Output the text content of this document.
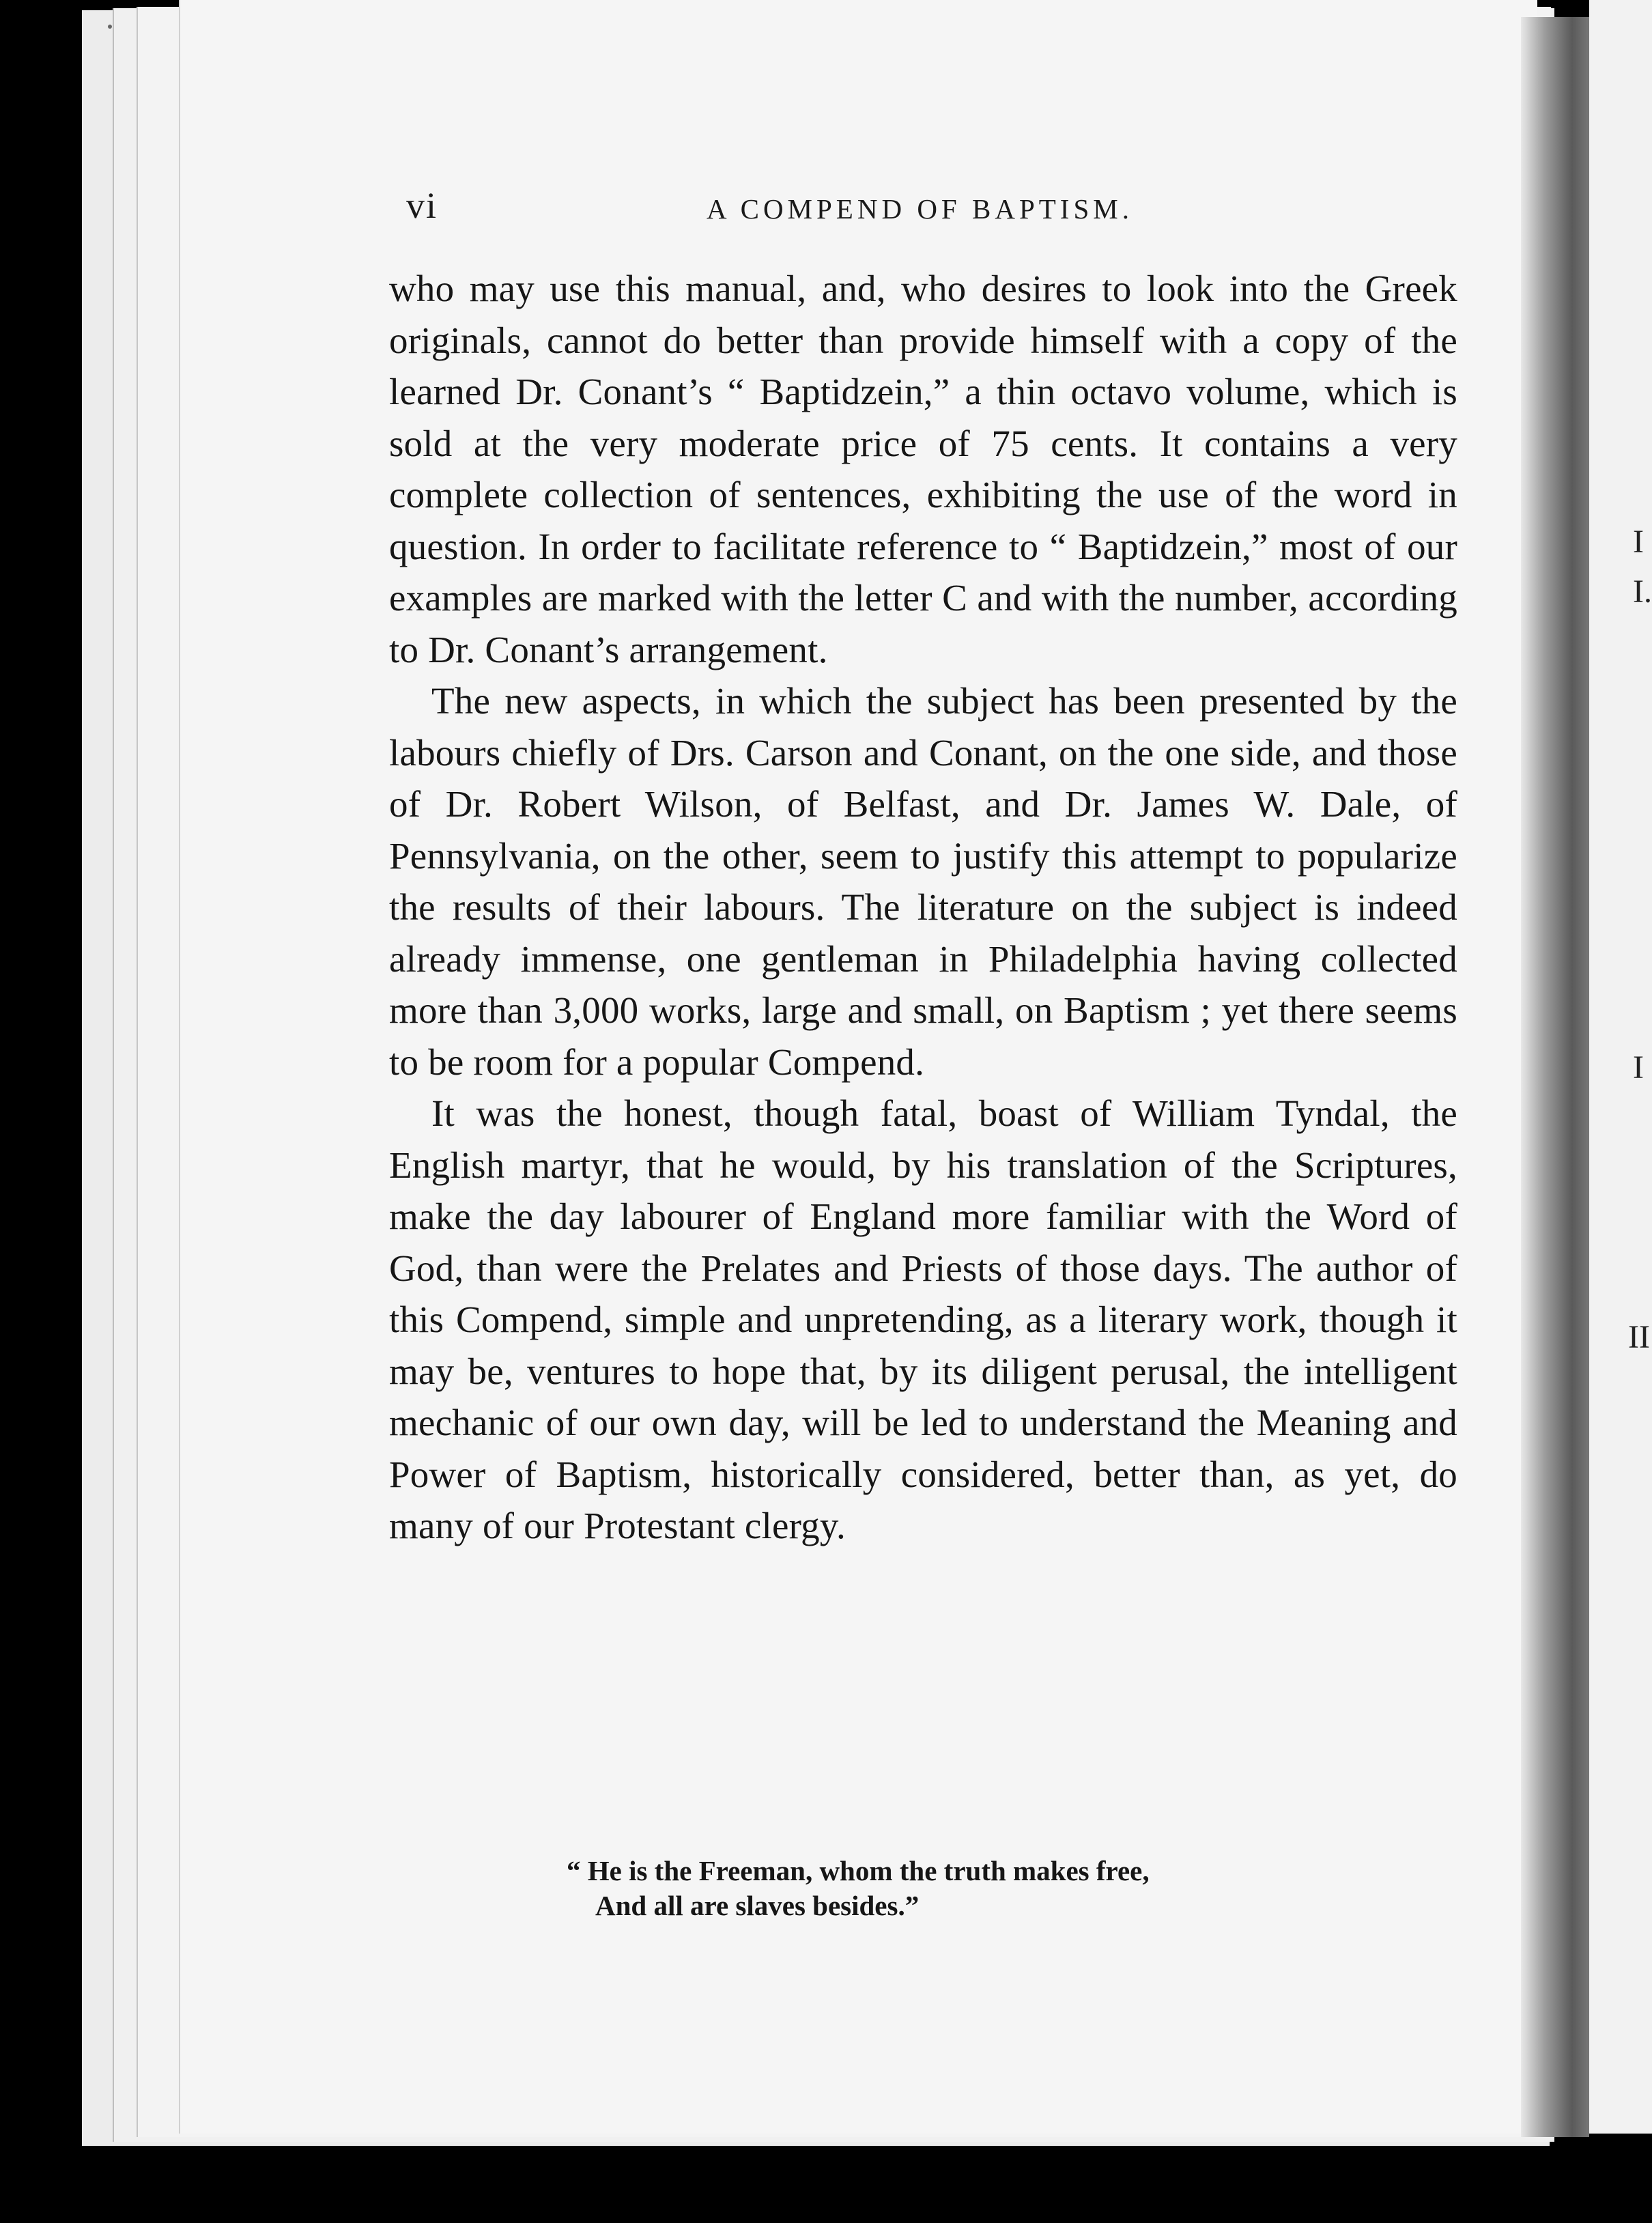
I
I.
I
II
vi	A COMPEND OF BAPTISM.

who may use this manual, and, who desires to look into the Greek originals, cannot do better than provide himself with a copy of the learned Dr. Conant’s “ Baptidzein,” a thin octavo volume, which is sold at the very moderate price of 75 cents. It contains a very complete collection of sentences, exhibiting the use of the word in question. In order to facilitate reference to “ Baptidzein,” most of our examples are marked with the letter C and with the number, according to Dr. Conant’s arrangement.

The new aspects, in which the subject has been presented by the labours chiefly of Drs. Carson and Conant, on the one side, and those of Dr. Robert Wilson, of Belfast, and Dr. James W. Dale, of Pennsylvania, on the other, seem to justify this attempt to popularize the results of their labours. The literature on the subject is indeed already immense, one gentleman in Philadelphia having collected more than 3,000 works, large and small, on Baptism ; yet there seems to be room for a popular Compend.

It was the honest, though fatal, boast of William Tyndal, the English martyr, that he would, by his translation of the Scriptures, make the day labourer of England more familiar with the Word of God, than were the Prelates and Priests of those days. The author of this Compend, simple and unpretending, as a literary work, though it may be, ventures to hope that, by its diligent perusal, the intelligent mechanic of our own day, will be led to understand the Meaning and Power of Baptism, historically considered, better than, as yet, do many of our Protestant clergy.

“ He is the Freeman, whom the truth makes free,
And all are slaves besides.”
